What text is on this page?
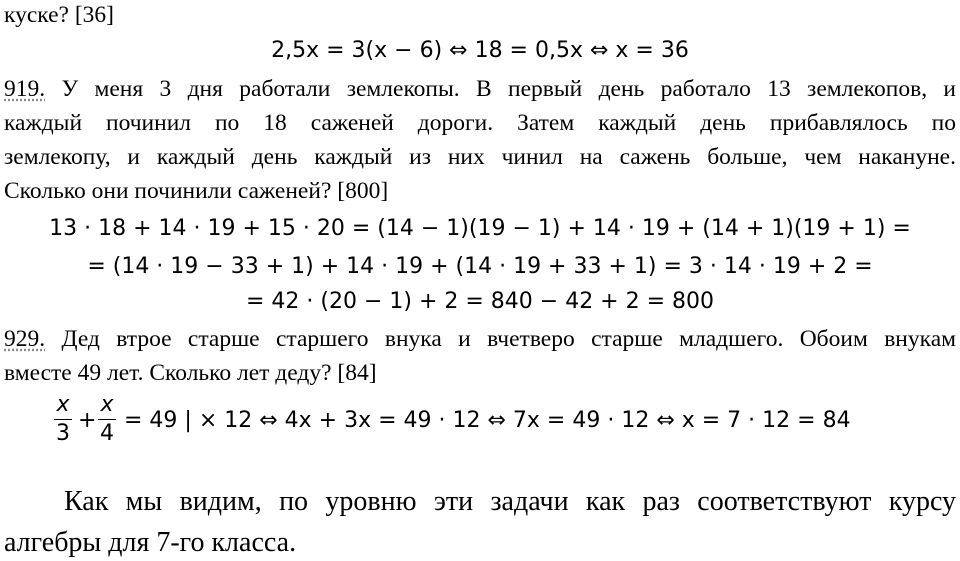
куске? [36]
2,5x = 3(x − 6) ⇔ 18 = 0,5x ⇔ x = 36
919. У меня 3 дня работали землекопы. В первый день работало 13 землекопов, и
каждый починил по 18 саженей дороги. Затем каждый день прибавлялось по
землекопу, и каждый день каждый из них чинил на сажень больше, чем накануне.
Сколько они починили саженей? [800]
13 · 18 + 14 · 19 + 15 · 20 = (14 − 1)(19 − 1) + 14 · 19 + (14 + 1)(19 + 1) =
= (14 · 19 − 33 + 1) + 14 · 19 + (14 · 19 + 33 + 1) = 3 · 14 · 19 + 2 =
= 42 · (20 − 1) + 2 = 840 − 42 + 2 = 800
929. Дед втрое старше старшего внука и вчетверо старше младшего. Обоим внукам
вместе 49 лет. Сколько лет деду? [84]
x
3
+
x
4
= 49 | × 12 ⇔ 4x + 3x = 49 · 12 ⇔ 7x = 49 · 12 ⇔ x = 7 · 12 = 84
Как мы видим, по уровню эти задачи как раз соответствуют курсу
алгебры для 7-го класса.
